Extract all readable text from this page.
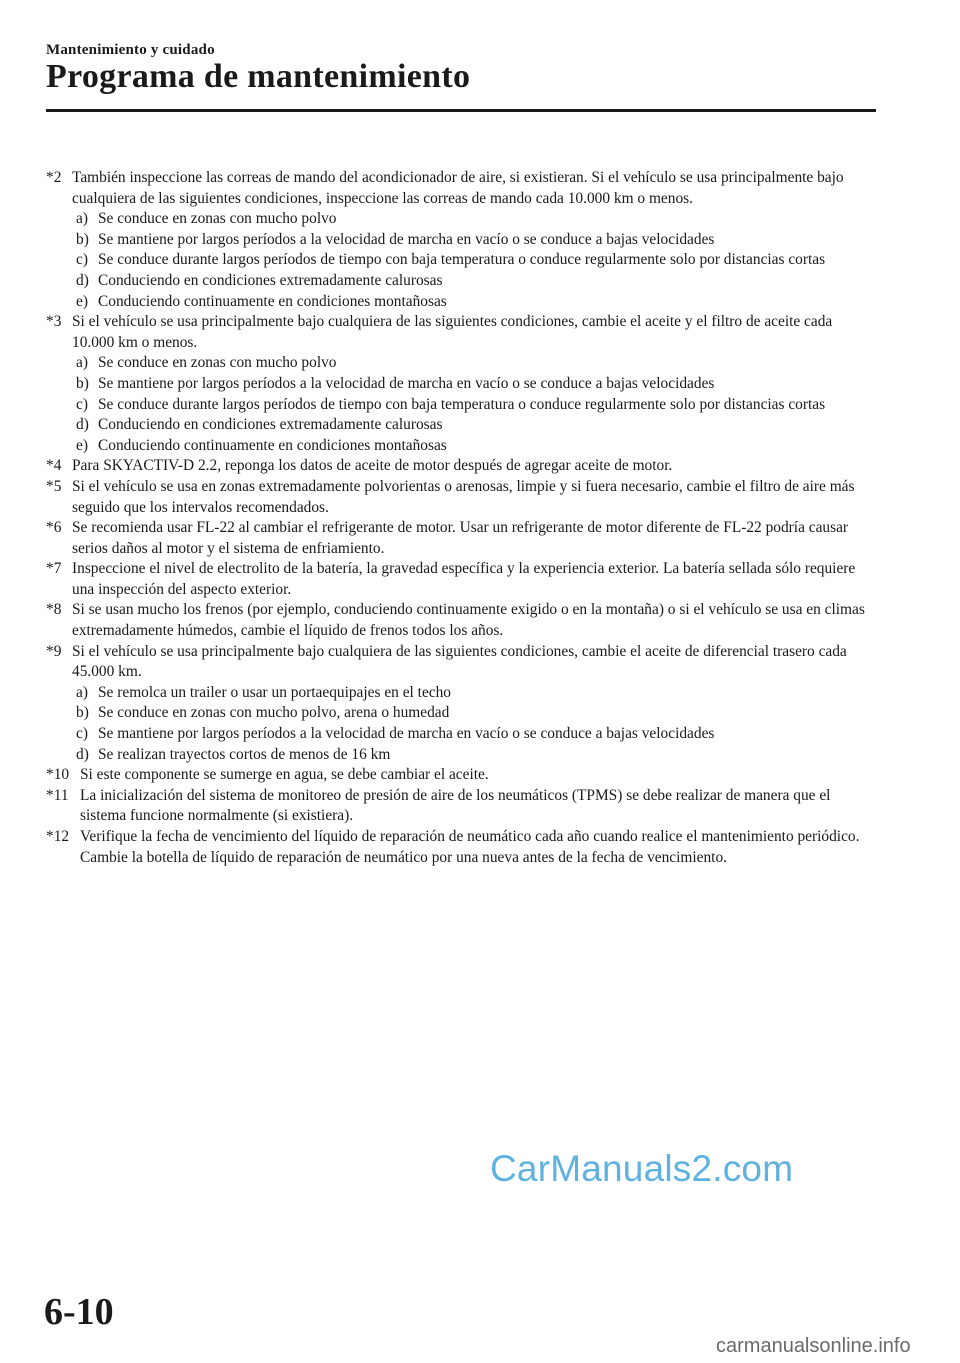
Mantenimiento y cuidado
Programa de mantenimiento
*2 También inspeccione las correas de mando del acondicionador de aire, si existieran. Si el vehículo se usa principalmente bajo cualquiera de las siguientes condiciones, inspeccione las correas de mando cada 10.000 km o menos.
a) Se conduce en zonas con mucho polvo
b) Se mantiene por largos períodos a la velocidad de marcha en vacío o se conduce a bajas velocidades
c) Se conduce durante largos períodos de tiempo con baja temperatura o conduce regularmente solo por distancias cortas
d) Conduciendo en condiciones extremadamente calurosas
e) Conduciendo continuamente en condiciones montañosas
*3 Si el vehículo se usa principalmente bajo cualquiera de las siguientes condiciones, cambie el aceite y el filtro de aceite cada 10.000 km o menos.
a) Se conduce en zonas con mucho polvo
b) Se mantiene por largos períodos a la velocidad de marcha en vacío o se conduce a bajas velocidades
c) Se conduce durante largos períodos de tiempo con baja temperatura o conduce regularmente solo por distancias cortas
d) Conduciendo en condiciones extremadamente calurosas
e) Conduciendo continuamente en condiciones montañosas
*4 Para SKYACTIV-D 2.2, reponga los datos de aceite de motor después de agregar aceite de motor.
*5 Si el vehículo se usa en zonas extremadamente polvorientas o arenosas, limpie y si fuera necesario, cambie el filtro de aire más seguido que los intervalos recomendados.
*6 Se recomienda usar FL-22 al cambiar el refrigerante de motor. Usar un refrigerante de motor diferente de FL-22 podría causar serios daños al motor y el sistema de enfriamiento.
*7 Inspeccione el nivel de electrolito de la batería, la gravedad específica y la experiencia exterior. La batería sellada sólo requiere una inspección del aspecto exterior.
*8 Si se usan mucho los frenos (por ejemplo, conduciendo continuamente exigido o en la montaña) o si el vehículo se usa en climas extremadamente húmedos, cambie el líquido de frenos todos los años.
*9 Si el vehículo se usa principalmente bajo cualquiera de las siguientes condiciones, cambie el aceite de diferencial trasero cada 45.000 km.
a) Se remolca un trailer o usar un portaequipajes en el techo
b) Se conduce en zonas con mucho polvo, arena o humedad
c) Se mantiene por largos períodos a la velocidad de marcha en vacío o se conduce a bajas velocidades
d) Se realizan trayectos cortos de menos de 16 km
*10 Si este componente se sumerge en agua, se debe cambiar el aceite.
*11 La inicialización del sistema de monitoreo de presión de aire de los neumáticos (TPMS) se debe realizar de manera que el sistema funcione normalmente (si existiera).
*12 Verifique la fecha de vencimiento del líquido de reparación de neumático cada año cuando realice el mantenimiento periódico. Cambie la botella de líquido de reparación de neumático por una nueva antes de la fecha de vencimiento.
CarManuals2.com
6-10
carmanualsonline.info
